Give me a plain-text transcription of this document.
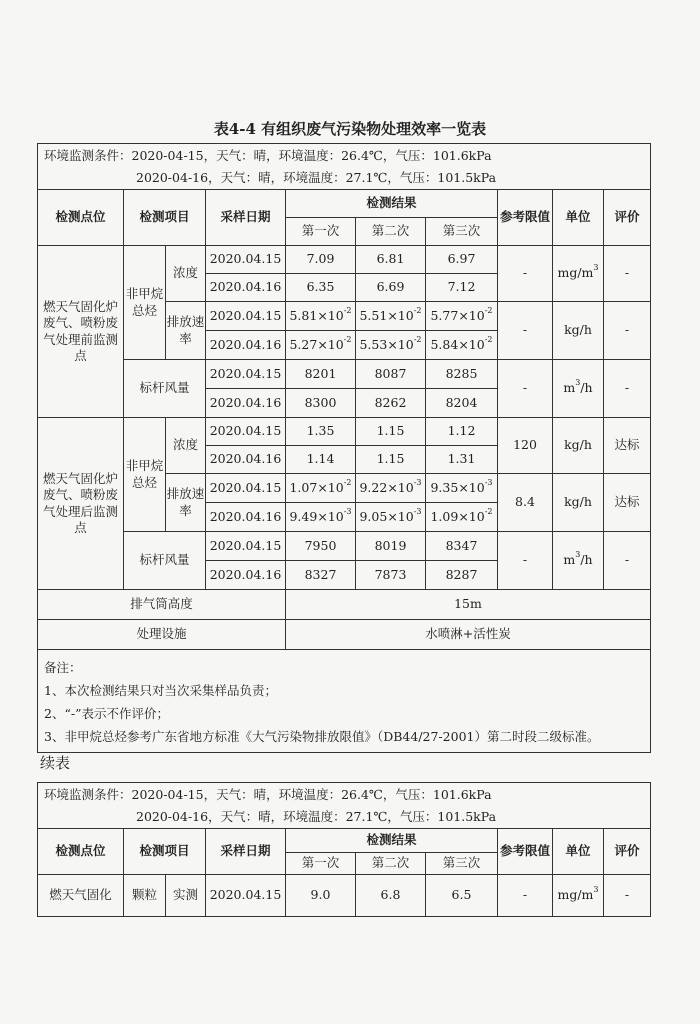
表4-4 有组织废气污染物处理效率一览表
环境监测条件：2020-04-15，天气：晴，环境温度：26.4℃，气压：101.6kPa
2020-04-16，天气：晴，环境温度：27.1℃，气压：101.5kPa									

检测点位	检测项目		采样日期	检测结果			参考限值	单位	评价
				第一次	第二次	第三次			
燃天气固化炉废气、喷粉废气处理前监测点	非甲烷总烃	浓度	2020.04.15	7.09	6.81	6.97	-	$mg/m^3$	-
			2020.04.16	6.35	6.69	7.12			
		排放速率	2020.04.15	$5.81\times 10^{-2}$	$5.51\times 10^{-2}$	$5.77\times 10^{-2}$	-	kg/h	-
			2020.04.16	$5.27\times 10^{-2}$	$5.53\times 10^{-2}$	$5.84\times 10^{-2}$
	标杆风量		2020.04.15	8201	8087	8285	-	$m^3/h$	-
			2020.04.16	8300	8262	8204			
燃天气固化炉废气、喷粉废气处理后监测点	非甲烷总烃	浓度	2020.04.15	1.35	1.15	1.12	120	kg/h	达标
			2020.04.16	1.14	1.15	1.31			
		排放速率	2020.04.15	$1.07\times 10^{-2}$	$9.22\times 10^{-3}$	$9.35\times 10^{-3}$	8.4	kg/h	达标
			2020.04.16	$9.49\times 10^{-3}$	$9.05\times 10^{-3}$	$1.09\times 10^{-2}$
	标杆风量		2020.04.15	7950	8019	8347	-	$m^3/h$	-
			2020.04.16	8327	7873	8287			
排气筒高度				15m					
处理设施				水喷淋+活性炭					

备注：
1、本次检测结果只对当次采集样品负责；
2、“-”表示不作评价；
3、非甲烷总烃参考广东省地方标准《大气污染物排放限值》（DB44/27-2001）第二时段二级标准。									
续表
环境监测条件：2020-04-15，天气：晴，环境温度：26.4℃，气压：101.6kPa
2020-04-16，天气：晴，环境温度：27.1℃，气压：101.5kPa									

检测点位	检测项目		采样日期	检测结果			参考限值	单位	评价
				第一次	第二次	第三次			
燃天气固化	颗粒	实测	2020.04.15	9.0	6.8	6.5	-	$mg/m^3$	-
